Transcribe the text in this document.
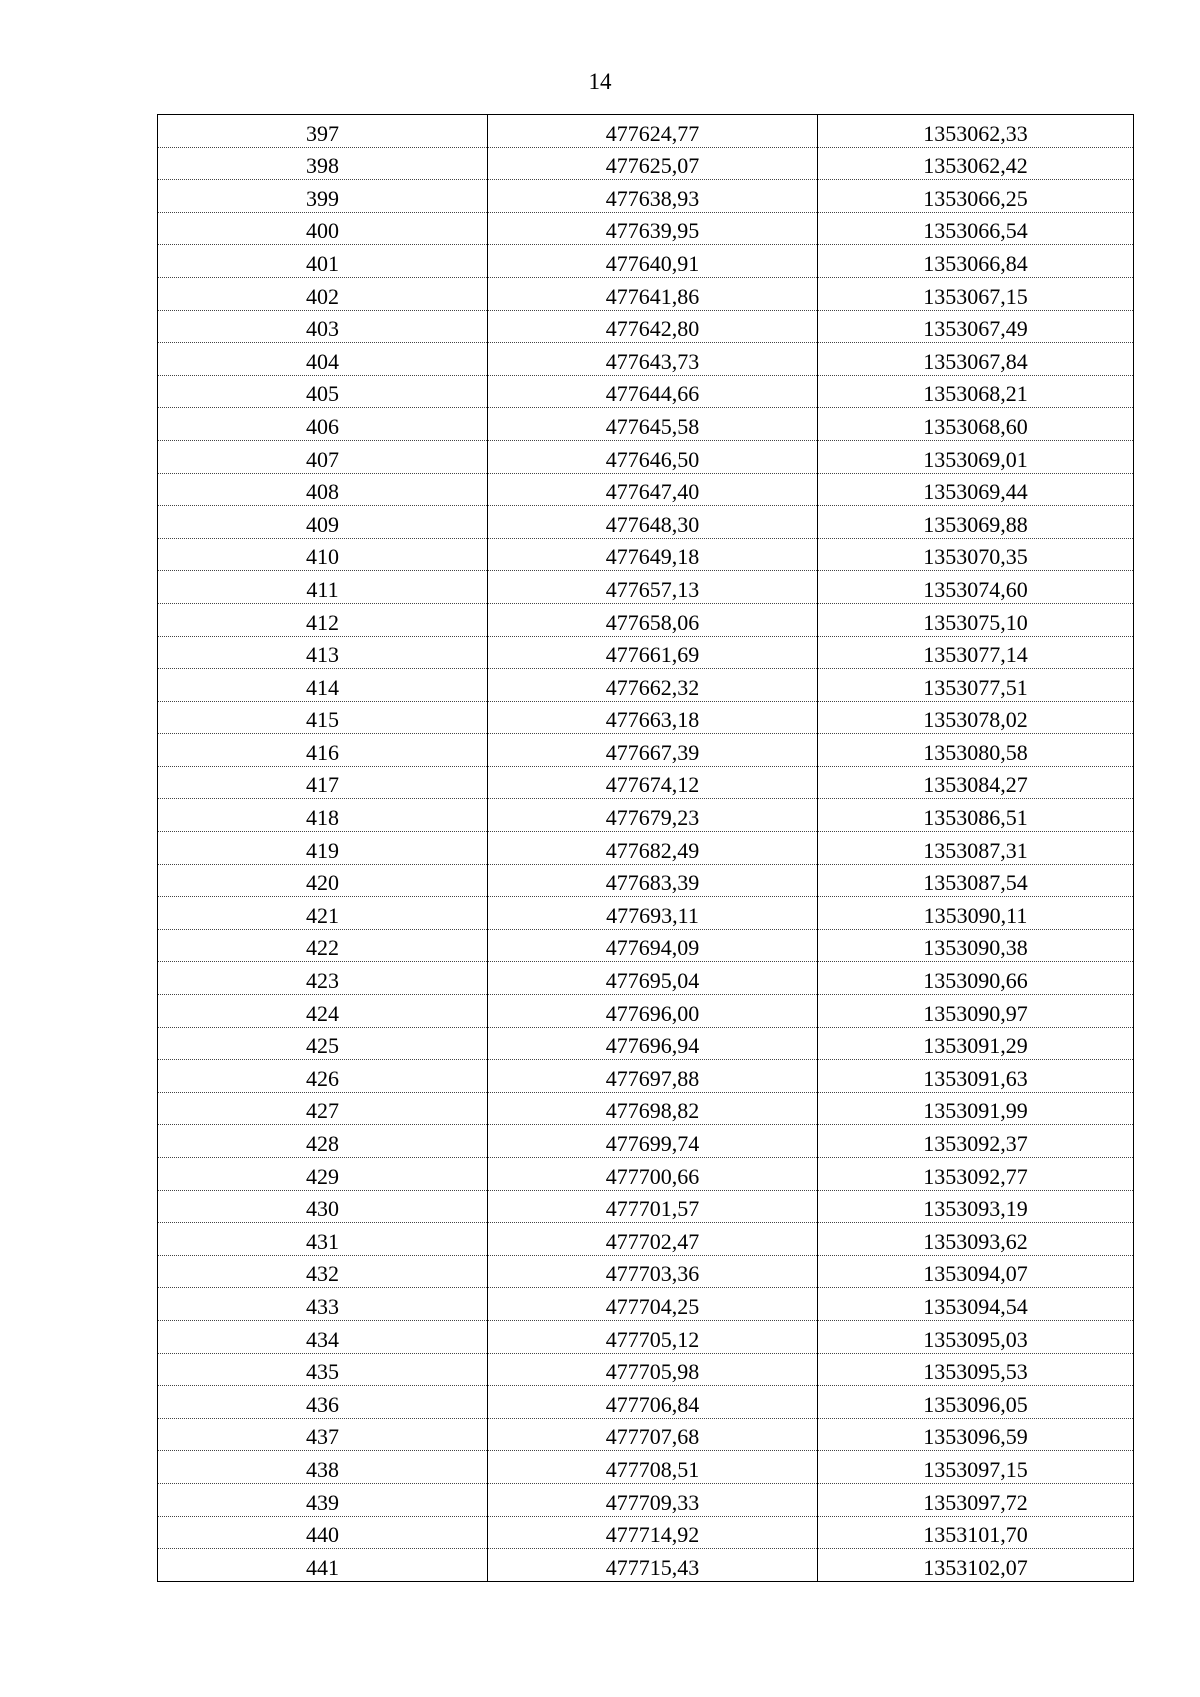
14
397	477624,77	1353062,33
398	477625,07	1353062,42
399	477638,93	1353066,25
400	477639,95	1353066,54
401	477640,91	1353066,84
402	477641,86	1353067,15
403	477642,80	1353067,49
404	477643,73	1353067,84
405	477644,66	1353068,21
406	477645,58	1353068,60
407	477646,50	1353069,01
408	477647,40	1353069,44
409	477648,30	1353069,88
410	477649,18	1353070,35
411	477657,13	1353074,60
412	477658,06	1353075,10
413	477661,69	1353077,14
414	477662,32	1353077,51
415	477663,18	1353078,02
416	477667,39	1353080,58
417	477674,12	1353084,27
418	477679,23	1353086,51
419	477682,49	1353087,31
420	477683,39	1353087,54
421	477693,11	1353090,11
422	477694,09	1353090,38
423	477695,04	1353090,66
424	477696,00	1353090,97
425	477696,94	1353091,29
426	477697,88	1353091,63
427	477698,82	1353091,99
428	477699,74	1353092,37
429	477700,66	1353092,77
430	477701,57	1353093,19
431	477702,47	1353093,62
432	477703,36	1353094,07
433	477704,25	1353094,54
434	477705,12	1353095,03
435	477705,98	1353095,53
436	477706,84	1353096,05
437	477707,68	1353096,59
438	477708,51	1353097,15
439	477709,33	1353097,72
440	477714,92	1353101,70
441	477715,43	1353102,07
